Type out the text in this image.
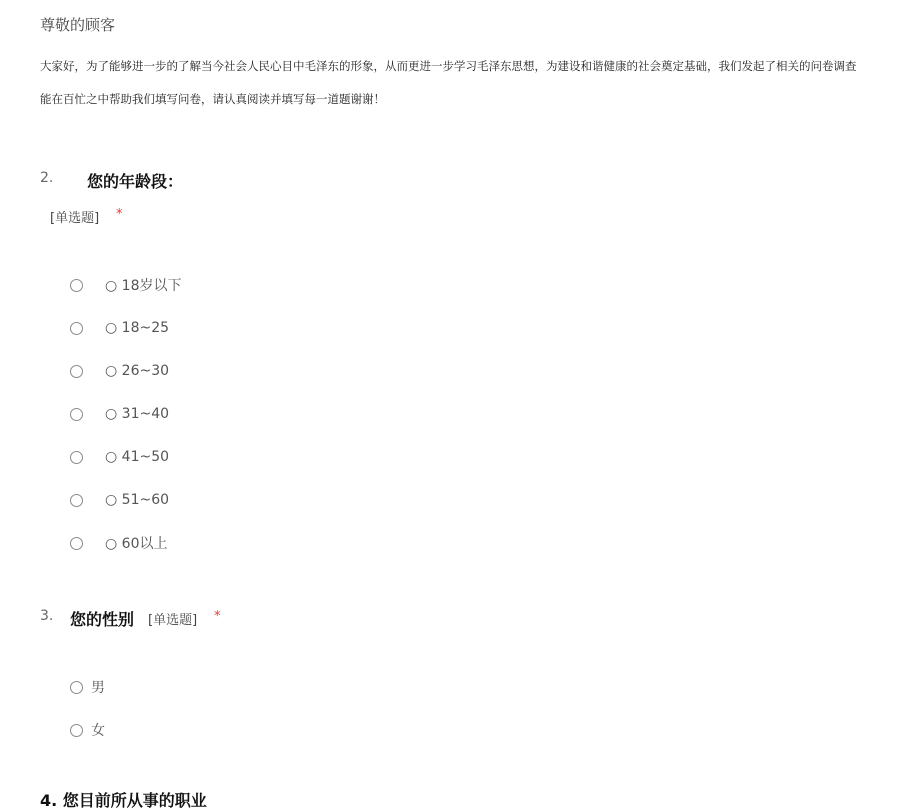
尊敬的顾客
大家好，为了能够进一步的了解当今社会人民心目中毛泽东的形象，从而更进一步学习毛泽东思想，为建设和谐健康的社会奠定基础，我们发起了相关的问卷调查
能在百忙之中帮助我们填写问卷，请认真阅读并填写每一道题谢谢！
2. 您的年龄段：
[单选题] *
○ 18岁以下
○ 18~25
○ 26~30
○ 31~40
○ 41~50
○ 51~60
○ 60以上
3. 您的性别 [单选题] *
男
女
4. 您目前所从事的职业
